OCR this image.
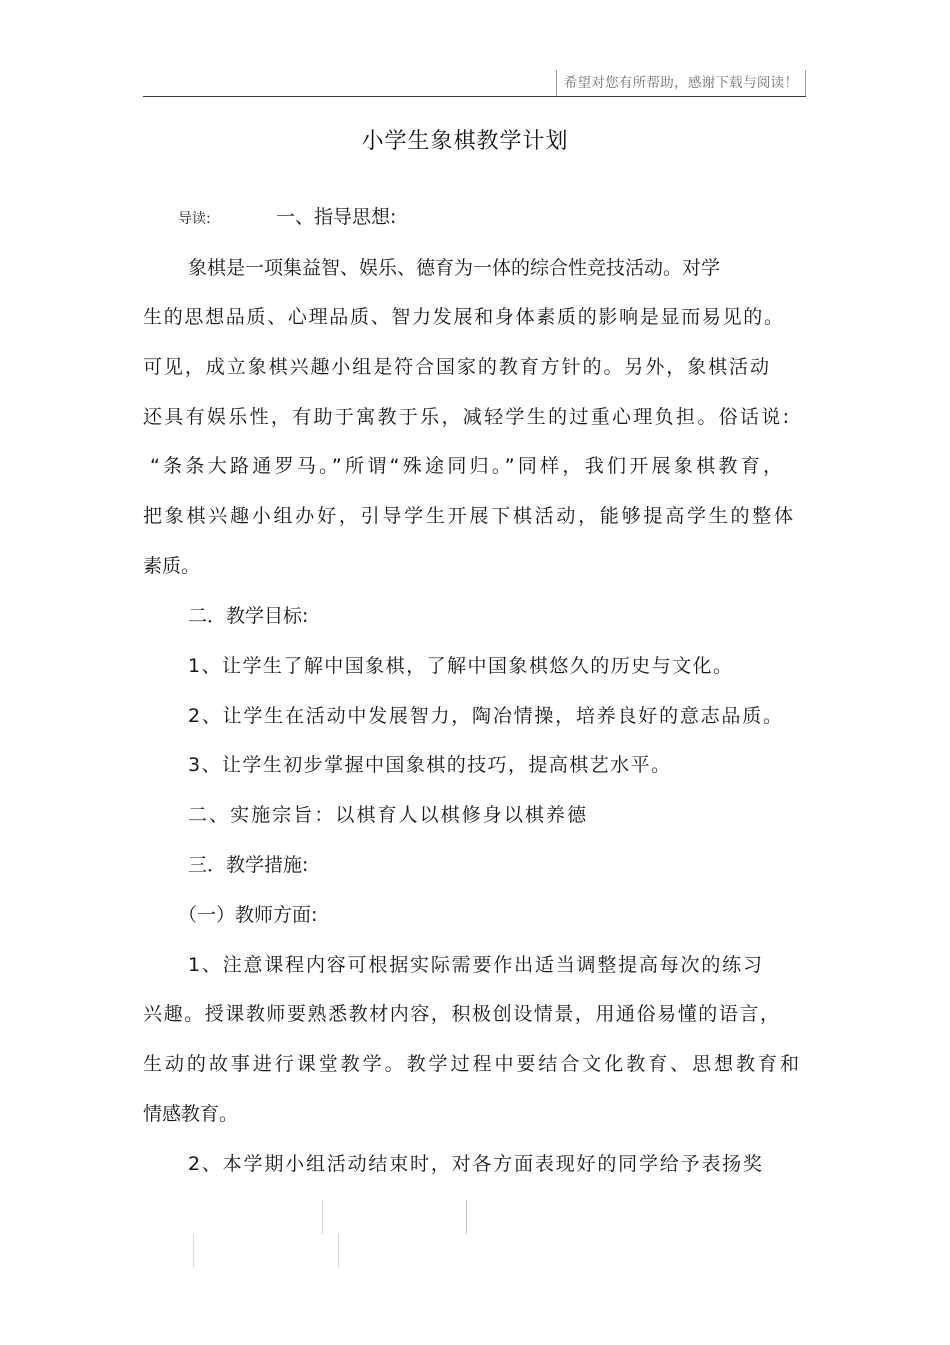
希望对您有所帮助，感谢下载与阅读！
小学生象棋教学计划
导读:	一、指导思想:
象棋是一项集益智、娱乐、德育为一体的综合性竞技活动。对学
生的思想品质、心理品质、智力发展和身体素质的影响是显而易见的。
可见，成立象棋兴趣小组是符合国家的教育方针的。另外，象棋活动
还具有娱乐性，有助于寓教于乐，减轻学生的过重心理负担。俗话说:
“条条大路通罗马。”所谓“殊途同归。”同样，我们开展象棋教育，
把象棋兴趣小组办好，引导学生开展下棋活动，能够提高学生的整体
素质。
二．教学目标:
1、让学生了解中国象棋，了解中国象棋悠久的历史与文化。
2、让学生在活动中发展智力，陶冶情操，培养良好的意志品质。
3、让学生初步掌握中国象棋的技巧，提高棋艺水平。
二、实施宗旨：以棋育人以棋修身以棋养德
三．教学措施:
（一）教师方面:
1、注意课程内容可根据实际需要作出适当调整提高每次的练习
兴趣。授课教师要熟悉教材内容，积极创设情景，用通俗易懂的语言，
生动的故事进行课堂教学。教学过程中要结合文化教育、思想教育和
情感教育。
2、本学期小组活动结束时，对各方面表现好的同学给予表扬奖
